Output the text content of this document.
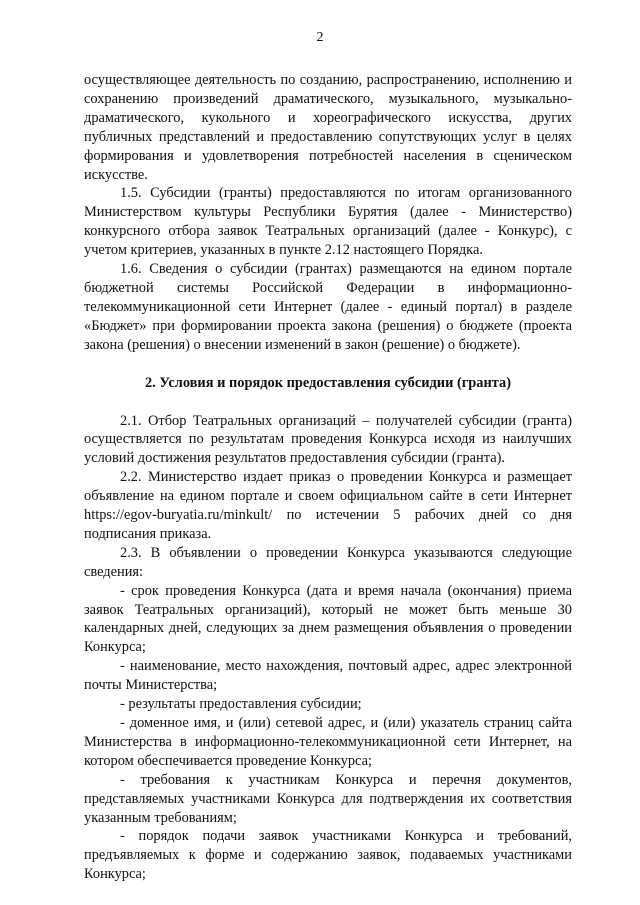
2

осуществляющее деятельность по созданию, распространению, исполнению и сохранению произведений драматического, музыкального, музыкально-драматического, кукольного и хореографического искусства, других публичных представлений и предоставлению сопутствующих услуг в целях формирования и удовлетворения потребностей населения в сценическом искусстве.

1.5. Субсидии (гранты) предоставляются по итогам организованного Министерством культуры Республики Бурятия (далее - Министерство) конкурсного отбора заявок Театральных организаций (далее - Конкурс), с учетом критериев, указанных в пункте 2.12 настоящего Порядка.

1.6. Сведения о субсидии (грантах) размещаются на едином портале бюджетной системы Российской Федерации в информационно-телекоммуникационной сети Интернет (далее - единый портал) в разделе «Бюджет» при формировании проекта закона (решения) о бюджете (проекта закона (решения) о внесении изменений в закон (решение) о бюджете).

2. Условия и порядок предоставления субсидии (гранта)

2.1. Отбор Театральных организаций – получателей субсидии (гранта) осуществляется по результатам проведения Конкурса исходя из наилучших условий достижения результатов предоставления субсидии (гранта).

2.2. Министерство издает приказ о проведении Конкурса и размещает объявление на едином портале и своем официальном сайте в сети Интернет https://egov-buryatia.ru/minkult/ по истечении 5 рабочих дней со дня подписания приказа.

2.3. В объявлении о проведении Конкурса указываются следующие сведения:

- срок проведения Конкурса (дата и время начала (окончания) приема заявок Театральных организаций), который не может быть меньше 30 календарных дней, следующих за днем размещения объявления о проведении Конкурса;

- наименование, место нахождения, почтовый адрес, адрес электронной почты Министерства;

- результаты предоставления субсидии;

- доменное имя, и (или) сетевой адрес, и (или) указатель страниц сайта Министерства в информационно-телекоммуникационной сети Интернет, на котором обеспечивается проведение Конкурса;

- требования к участникам Конкурса и перечня документов, представляемых участниками Конкурса для подтверждения их соответствия указанным требованиям;

- порядок подачи заявок участниками Конкурса и требований, предъявляемых к форме и содержанию заявок, подаваемых участниками Конкурса;
